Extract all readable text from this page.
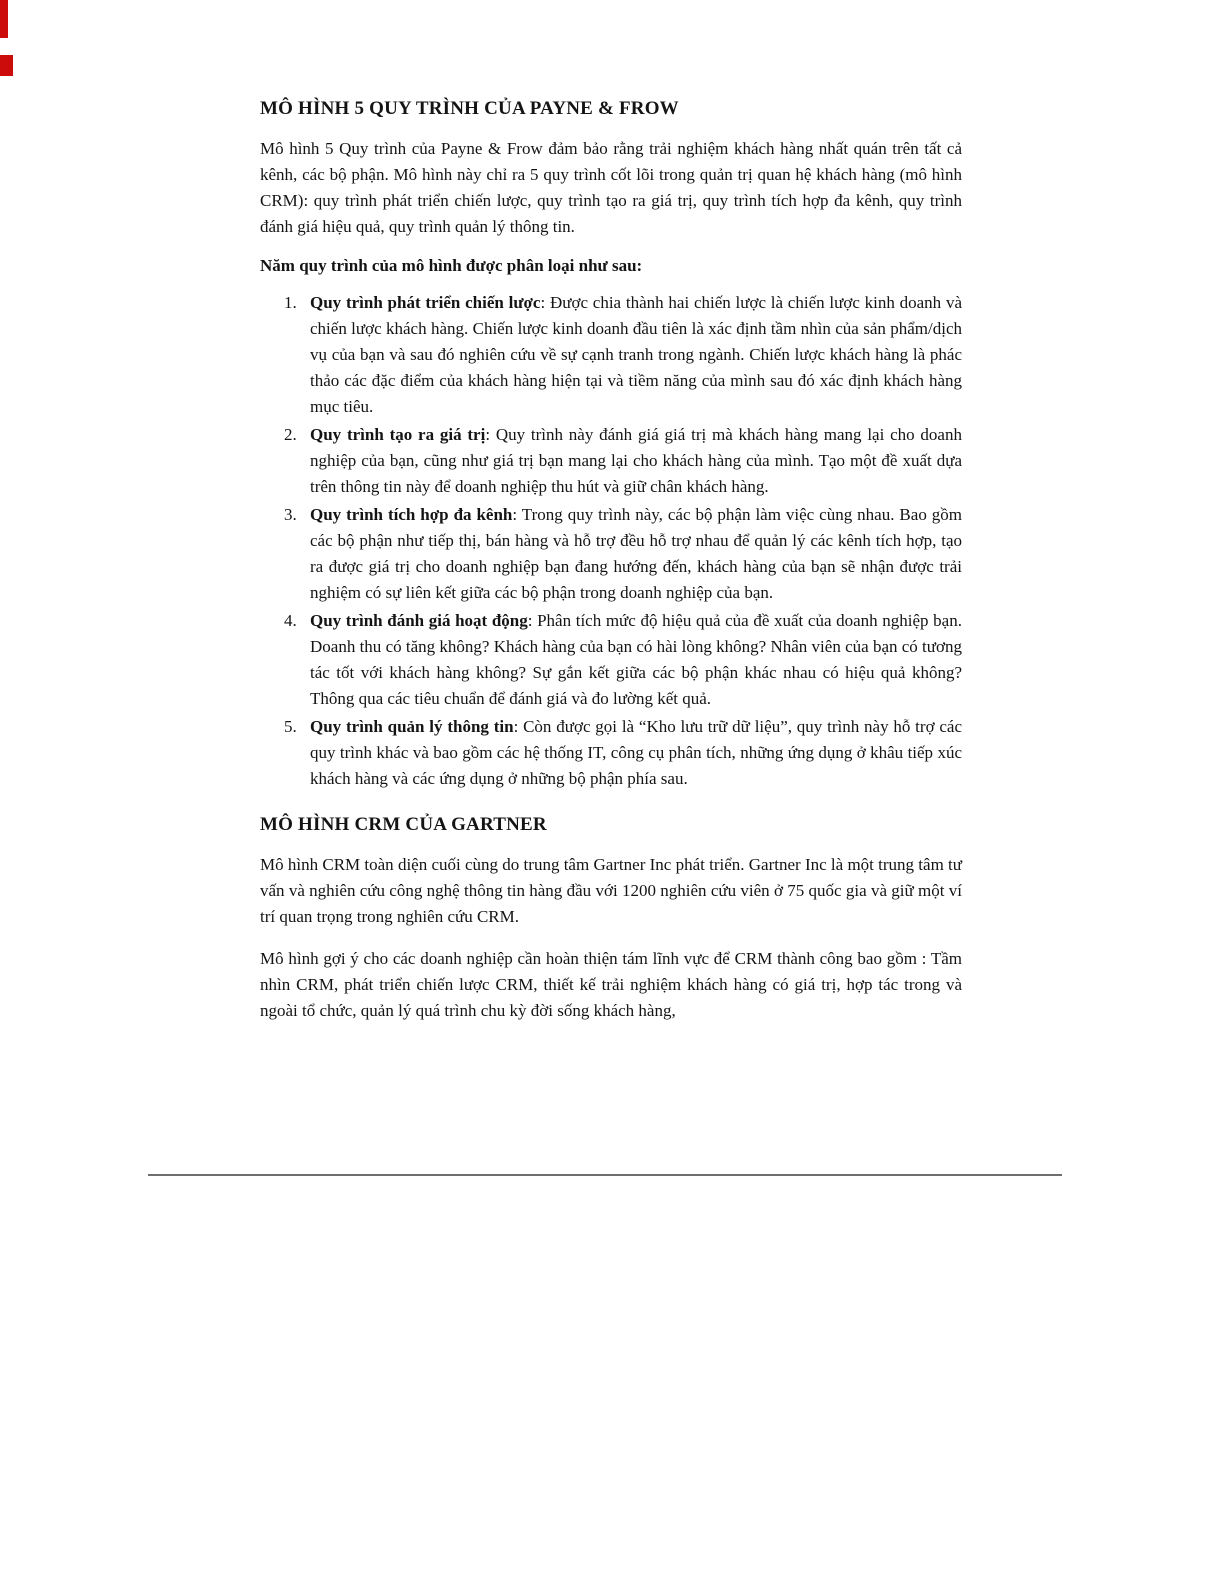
MÔ HÌNH 5 QUY TRÌNH CỦA PAYNE & FROW

Mô hình 5 Quy trình của Payne & Frow đảm bảo rằng trải nghiệm khách hàng nhất quán trên tất cả kênh, các bộ phận. Mô hình này chỉ ra 5 quy trình cốt lõi trong quản trị quan hệ khách hàng (mô hình CRM): quy trình phát triển chiến lược, quy trình tạo ra giá trị, quy trình tích hợp đa kênh, quy trình đánh giá hiệu quả, quy trình quản lý thông tin.

Năm quy trình của mô hình được phân loại như sau:

Quy trình phát triển chiến lược: Được chia thành hai chiến lược là chiến lược kinh doanh và chiến lược khách hàng. Chiến lược kinh doanh đầu tiên là xác định tầm nhìn của sản phẩm/dịch vụ của bạn và sau đó nghiên cứu về sự cạnh tranh trong ngành. Chiến lược khách hàng là phác thảo các đặc điểm của khách hàng hiện tại và tiềm năng của mình sau đó xác định khách hàng mục tiêu.
Quy trình tạo ra giá trị: Quy trình này đánh giá giá trị mà khách hàng mang lại cho doanh nghiệp của bạn, cũng như giá trị bạn mang lại cho khách hàng của mình. Tạo một đề xuất dựa trên thông tin này để doanh nghiệp thu hút và giữ chân khách hàng.
Quy trình tích hợp đa kênh: Trong quy trình này, các bộ phận làm việc cùng nhau. Bao gồm các bộ phận như tiếp thị, bán hàng và hỗ trợ đều hỗ trợ nhau để quản lý các kênh tích hợp, tạo ra được giá trị cho doanh nghiệp bạn đang hướng đến, khách hàng của bạn sẽ nhận được trải nghiệm có sự liên kết giữa các bộ phận trong doanh nghiệp của bạn.
Quy trình đánh giá hoạt động: Phân tích mức độ hiệu quả của đề xuất của doanh nghiệp bạn. Doanh thu có tăng không? Khách hàng của bạn có hài lòng không? Nhân viên của bạn có tương tác tốt với khách hàng không? Sự gắn kết giữa các bộ phận khác nhau có hiệu quả không? Thông qua các tiêu chuẩn để đánh giá và đo lường kết quả.
Quy trình quản lý thông tin: Còn được gọi là “Kho lưu trữ dữ liệu”, quy trình này hỗ trợ các quy trình khác và bao gồm các hệ thống IT, công cụ phân tích, những ứng dụng ở khâu tiếp xúc khách hàng và các ứng dụng ở những bộ phận phía sau.
MÔ HÌNH CRM CỦA GARTNER

Mô hình CRM toàn diện cuối cùng do trung tâm Gartner Inc phát triển. Gartner Inc là một trung tâm tư vấn và nghiên cứu công nghệ thông tin hàng đầu với 1200 nghiên cứu viên ở 75 quốc gia và giữ một ví trí quan trọng trong nghiên cứu CRM.

Mô hình gợi ý cho các doanh nghiệp cần hoàn thiện tám lĩnh vực để CRM thành công bao gồm : Tầm nhìn CRM, phát triển chiến lược CRM, thiết kế trải nghiệm khách hàng có giá trị, hợp tác trong và ngoài tổ chức, quản lý quá trình chu kỳ đời sống khách hàng,
